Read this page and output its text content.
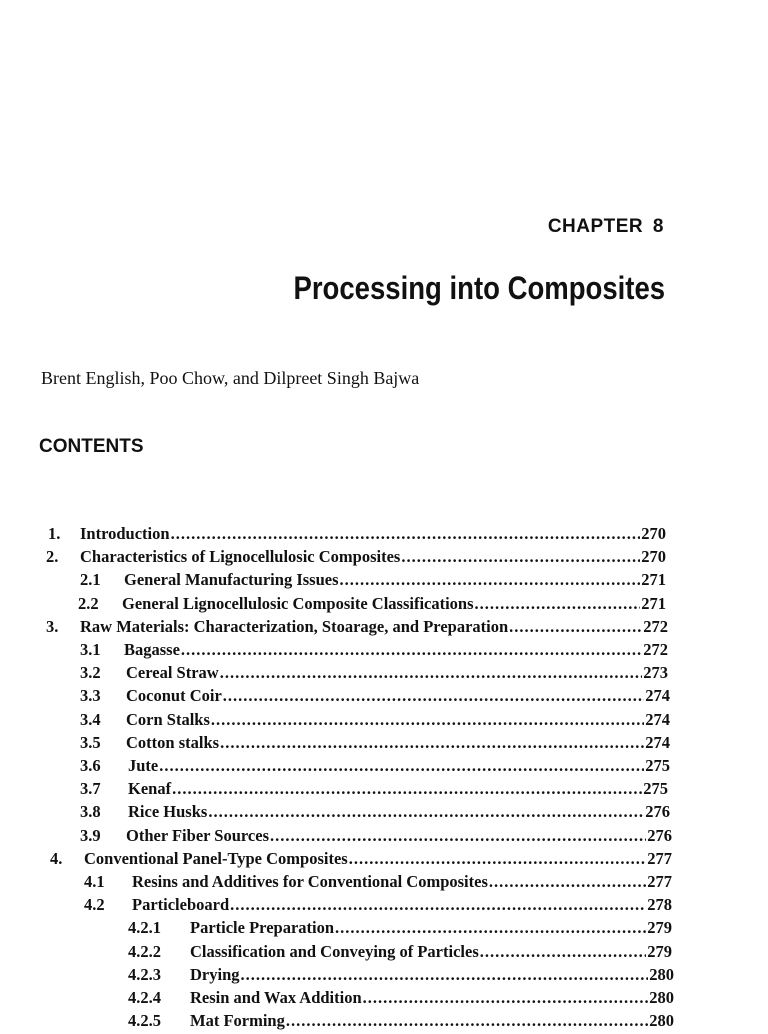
CHAPTER 8
Processing into Composites
Brent English, Poo Chow, and Dilpreet Singh Bajwa
CONTENTS
1.	Introduction .....	270
2.	Characteristics of Lignocellulosic Composites .....	270
2.1	General Manufacturing Issues .....	271
2.2	General Lignocellulosic Composite Classifications .....	271
3.	Raw Materials: Characterization, Stoarage, and Preparation .....	272
3.1	Bagasse .....	272
3.2	Cereal Straw .....	273
3.3	Coconut Coir .....	274
3.4	Corn Stalks .....	274
3.5	Cotton stalks .....	274
3.6	Jute .....	275
3.7	Kenaf .....	275
3.8	Rice Husks .....	276
3.9	Other Fiber Sources .....	276
4.	Conventional Panel-Type Composites .....	277
4.1	Resins and Additives for Conventional Composites .....	277
4.2	Particleboard .....	278
4.2.1	Particle Preparation .....	279
4.2.2	Classification and Conveying of Particles .....	279
4.2.3	Drying .....	280
4.2.4	Resin and Wax Addition .....	280
4.2.5	Mat Forming .....	280
